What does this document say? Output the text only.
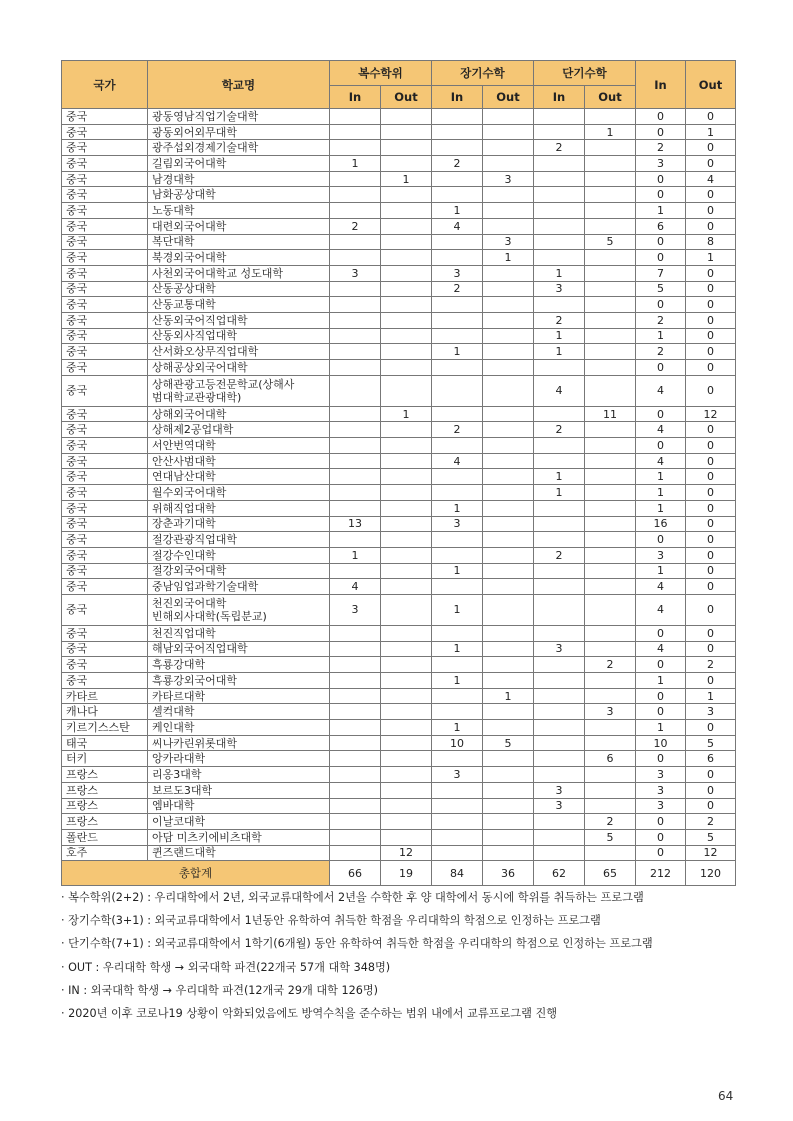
국가	학교명	복수학위		장기수학		단기수학		In	Out
		In	Out	In	Out	In	Out		
중국	광동영남직업기술대학							0	0
중국	광동외어외무대학						1	0	1
중국	광주섭외경제기술대학					2		2	0
중국	길림외국어대학	1		2				3	0
중국	남경대학		1		3			0	4
중국	남화공상대학							0	0
중국	노동대학			1				1	0
중국	대련외국어대학	2		4				6	0
중국	복단대학				3		5	0	8
중국	북경외국어대학				1			0	1
중국	사천외국어대학교 성도대학	3		3		1		7	0
중국	산동공상대학			2		3		5	0
중국	산동교통대학							0	0
중국	산동외국어직업대학					2		2	0
중국	산동외사직업대학					1		1	0
중국	산서화오상무직업대학			1		1		2	0
중국	상해공상외국어대학							0	0
중국	상해관광고등전문학교(상해사
범대학교관광대학)					4		4	0
중국	상해외국어대학		1				11	0	12
중국	상해제2공업대학			2		2		4	0
중국	서안번역대학							0	0
중국	안산사범대학			4				4	0
중국	연대남산대학					1		1	0
중국	월수외국어대학					1		1	0
중국	위해직업대학			1				1	0
중국	장춘과기대학	13		3				16	0
중국	절강관광직업대학							0	0
중국	절강수인대학	1				2		3	0
중국	절강외국어대학			1				1	0
중국	중남임업과학기술대학	4						4	0
중국	천진외국어대학
빈해외사대학(독립분교)	3		1				4	0
중국	천진직업대학							0	0
중국	해남외국어직업대학			1		3		4	0
중국	흑룡강대학						2	0	2
중국	흑룡강외국어대학			1				1	0
카타르	카타르대학				1			0	1
캐나다	셀컥대학						3	0	3
키르기스스탄	케인대학			1				1	0
태국	씨나카린위롯대학			10	5			10	5
터키	앙카라대학						6	0	6
프랑스	리옹3대학			3				3	0
프랑스	보르도3대학					3		3	0
프랑스	엠바대학					3		3	0
프랑스	이날코대학						2	0	2
폴란드	아담 미츠키에비츠대학						5	0	5
호주	퀸즈랜드대학		12					0	12
총합계		66	19	84	36	62	65	212	120
· 복수학위(2+2) : 우리대학에서 2년, 외국교류대학에서 2년을 수학한 후 양 대학에서 동시에 학위를 취득하는 프로그램
· 장기수학(3+1) : 외국교류대학에서 1년동안 유학하여 취득한 학점을 우리대학의 학점으로 인정하는 프로그램
· 단기수학(7+1) : 외국교류대학에서 1학기(6개월) 동안 유학하여 취득한 학점을 우리대학의 학점으로 인정하는 프로그램
· OUT : 우리대학 학생 → 외국대학 파견(22개국 57개 대학 348명)
· IN : 외국대학 학생 → 우리대학 파견(12개국 29개 대학 126명)
· 2020년 이후 코로나19 상황이 악화되었음에도 방역수칙을 준수하는 범위 내에서 교류프로그램 진행
64
